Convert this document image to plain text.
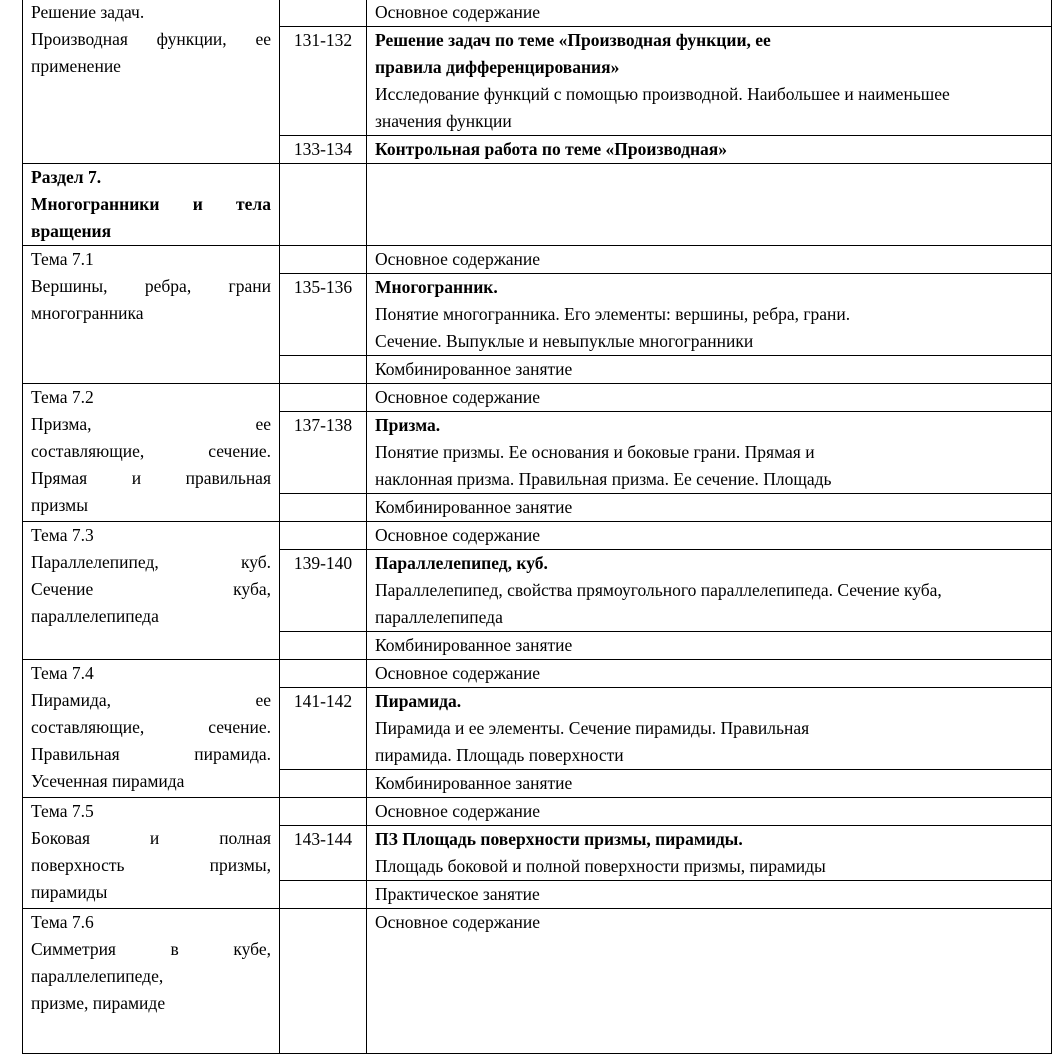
Решение задач.
Производная функции, ее
применение		Основное содержание

	131-132	Решение задач по теме «Производная функции, ее
правила дифференцирования»
Исследование функций с помощью производной. Наибольшее и наименьшее
значения функции

	133-134	Контрольная работа по теме «Производная»

Раздел 7.
Многогранники и тела
вращения		

Тема 7.1
Вершины, ребра, грани
многогранника		Основное содержание

	135-136	Многогранник.
Понятие многогранника. Его элементы: вершины, ребра, грани.
Сечение. Выпуклые и невыпуклые многогранники

		Комбинированное занятие

Тема 7.2
Призма, ее
составляющие, сечение.
Прямая и правильная
призмы		Основное содержание

	137-138	Призма.
Понятие призмы. Ее основания и боковые грани. Прямая и
наклонная призма. Правильная призма. Ее сечение. Площадь

		Комбинированное занятие

Тема 7.3
Параллелепипед, куб.
Сечение куба,
параллелепипеда		Основное содержание

	139-140	Параллелепипед, куб.
Параллелепипед, свойства прямоугольного параллелепипеда. Сечение куба,
параллелепипеда

		Комбинированное занятие

Тема 7.4
Пирамида, ее
составляющие, сечение.
Правильная пирамида.
Усеченная пирамида		Основное содержание

	141-142	Пирамида.
Пирамида и ее элементы. Сечение пирамиды. Правильная
пирамида. Площадь поверхности

		Комбинированное занятие

Тема 7.5
Боковая и полная
поверхность призмы,
пирамиды		Основное содержание

	143-144	ПЗ Площадь поверхности призмы, пирамиды.
Площадь боковой и полной поверхности призмы, пирамиды

		Практическое занятие

Тема 7.6
Симметрия в кубе,
параллелепипеде,
призме, пирамиде		Основное содержание
